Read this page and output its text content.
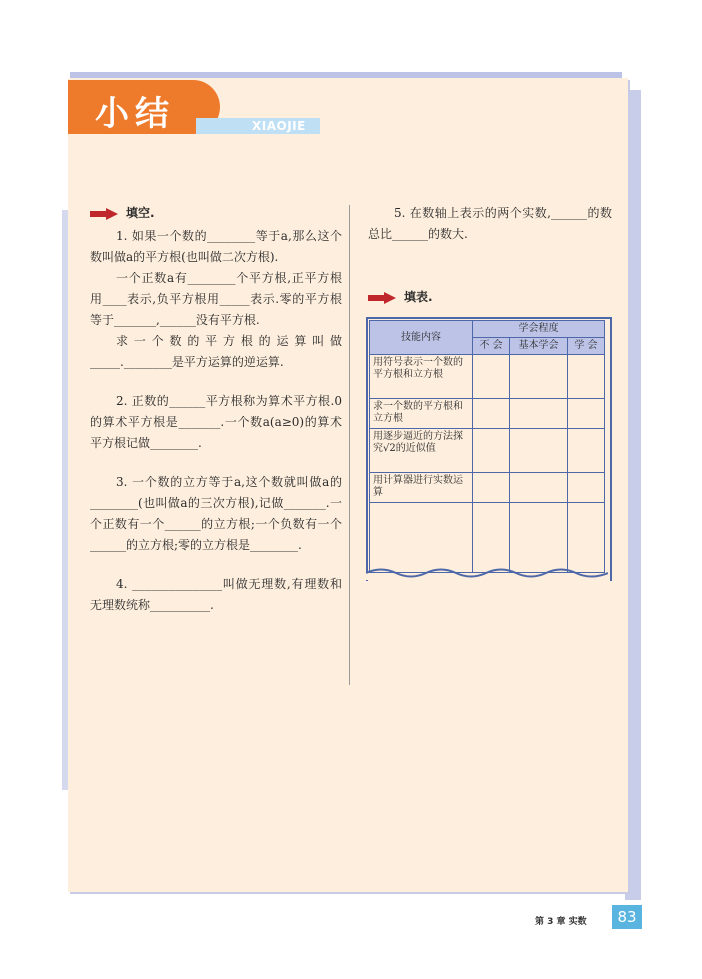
小结	XIAOJIE
填空.

1. 如果一个数的________等于a,那么这个数叫做a的平方根(也叫做二次方根).

一个正数a有________个平方根,正平方根用____表示,负平方根用_____表示.零的平方根等于_______,______没有平方根.

求一个数的平方根的运算叫做_____.________是平方运算的逆运算.

2. 正数的______平方根称为算术平方根.0的算术平方根是_______.一个数a(a≥0)的算术平方根记做________.

3. 一个数的立方等于a,这个数就叫做a的________(也叫做a的三次方根),记做_______.一个正数有一个______的立方根;一个负数有一个______的立方根;零的立方根是________.

4. _______________叫做无理数,有理数和无理数统称__________.

5. 在数轴上表示的两个实数,______的数总比______的数大.

填表.
技能内容	学会程度		
	不 会	基本学会	学 会
用符号表示一个数的平方根和立方根			
求一个数的平方根和立方根			
用逐步逼近的方法探究√2的近似值			
用计算器进行实数运算			

第 3 章 实数	83
